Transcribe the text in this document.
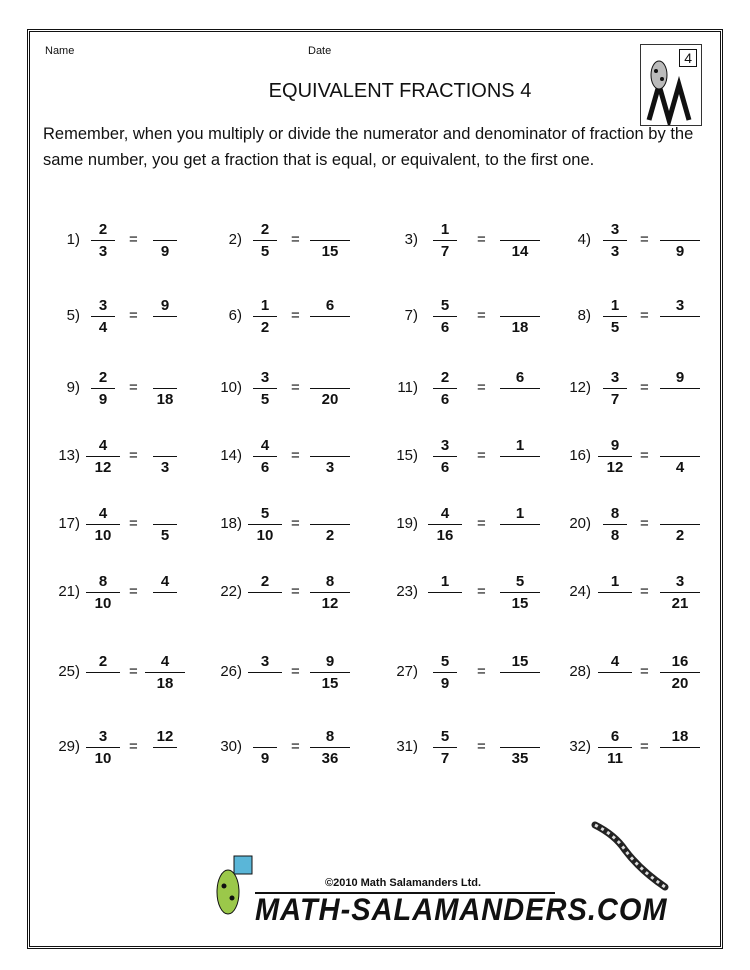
Name	Date
EQUIVALENT FRACTIONS 4
4
Remember, when you multiply or divide the numerator and denominator of fraction by the same number, you get a fraction that is equal, or equivalent, to the first one.
1)
2
3
=
9
2)
2
5
=
15
3)
1
7
=
14
4)
3
3
=
9
5)
3
4
=
9
6)
1
2
=
6
7)
5
6
=
18
8)
1
5
=
3
9)
2
9
=
18
10)
3
5
=
20
11)
2
6
=
6
12)
3
7
=
9
13)
4
12
=
3
14)
4
6
=
3
15)
3
6
=
1
16)
9
12
=
4
17)
4
10
=
5
18)
5
10
=
2
19)
4
16
=
1
20)
8
8
=
2
21)
8
10
=
4
22)
2
=
8
12
23)
1
=
5
15
24)
1
=
3
21
25)
2
=
4
18
26)
3
=
9
15
27)
5
9
=
15
28)
4
=
16
20
29)
3
10
=
12
30)
9
=
8
36
31)
5
7
=
35
32)
6
11
=
18
©2010 Math Salamanders Ltd.
MATH-SALAMANDERS.COM
